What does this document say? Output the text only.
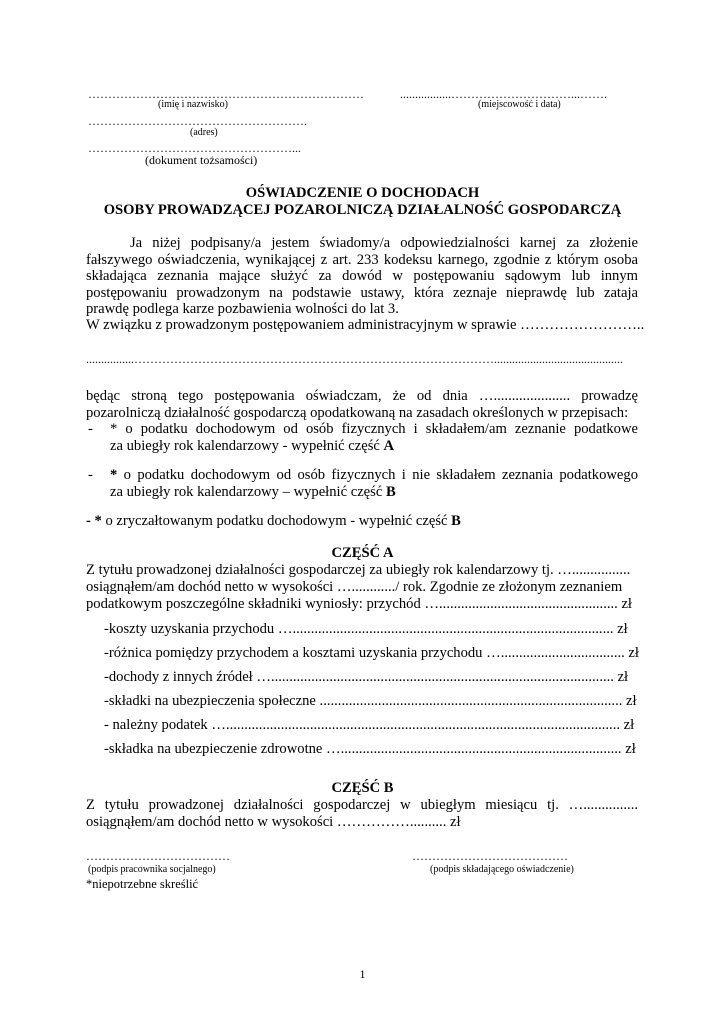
……………………………………………………………
(imię i nazwisko)
.................…………………………...…….
(miejscowość i data)
……………………………………………….
(adres)
……………………………………………...
(dokument tożsamości)
OŚWIADCZENIE O DOCHODACH
OSOBY PROWADZĄCEJ POZAROLNICZĄ DZIAŁALNOŚĆ GOSPODARCZĄ
Ja niżej podpisany/a jestem świadomy/a odpowiedzialności karnej za złożenie
fałszywego oświadczenia, wynikającej z art. 233 kodeksu karnego, zgodnie z którym osoba
składająca zeznania mające służyć za dowód w postępowaniu sądowym lub innym
postępowaniu prowadzonym na podstawie ustawy, która zeznaje nieprawdę lub zataja
prawdę podlega karze pozbawienia wolności do lat 3.
W związku z prowadzonym postępowaniem administracyjnym w sprawie ……………………..
................………………………………………………………………………………...........................................
będąc stroną tego postępowania oświadczam, że od dnia …..................... prowadzę
pozarolniczą działalność gospodarczą opodatkowaną na zasadach określonych w przepisach:
- * o podatku dochodowym od osób fizycznych i składałem/am zeznanie podatkowe
za ubiegły rok kalendarzowy - wypełnić część A
- * o podatku dochodowym od osób fizycznych i nie składałem zeznania podatkowego
za ubiegły rok kalendarzowy – wypełnić część B
- * o zryczałtowanym podatku dochodowym - wypełnić część B
CZĘŚĆ A
Z tytułu prowadzonej działalności gospodarczej za ubiegły rok kalendarzowy tj. …................
osiągnąłem/am dochód netto w wysokości …............/ rok. Zgodnie ze złożonym zeznaniem
podatkowym poszczególne składniki wyniosły: przychód …................................................. zł
-koszty uzyskania przychodu …........................................................................................ zł
-różnica pomiędzy przychodem a kosztami uzyskania przychodu ….................................. zł
-dochody z innych źródeł ….............................................................................................. zł
-składki na ubezpieczenia społeczne ................................................................................... zł
- należny podatek …............................................................................................................ zł
-składka na ubezpieczenie zdrowotne …............................................................................. zł
CZĘŚĆ B
Z tytułu prowadzonej działalności gospodarczej w ubiegłym miesiącu tj. …...............
osiągnąłem/am dochód netto w wysokości …………….......... zł
………………………………
(podpis pracownika socjalnego)
…………………………………
(podpis składającego oświadczenie)
*niepotrzebne skreślić
1
